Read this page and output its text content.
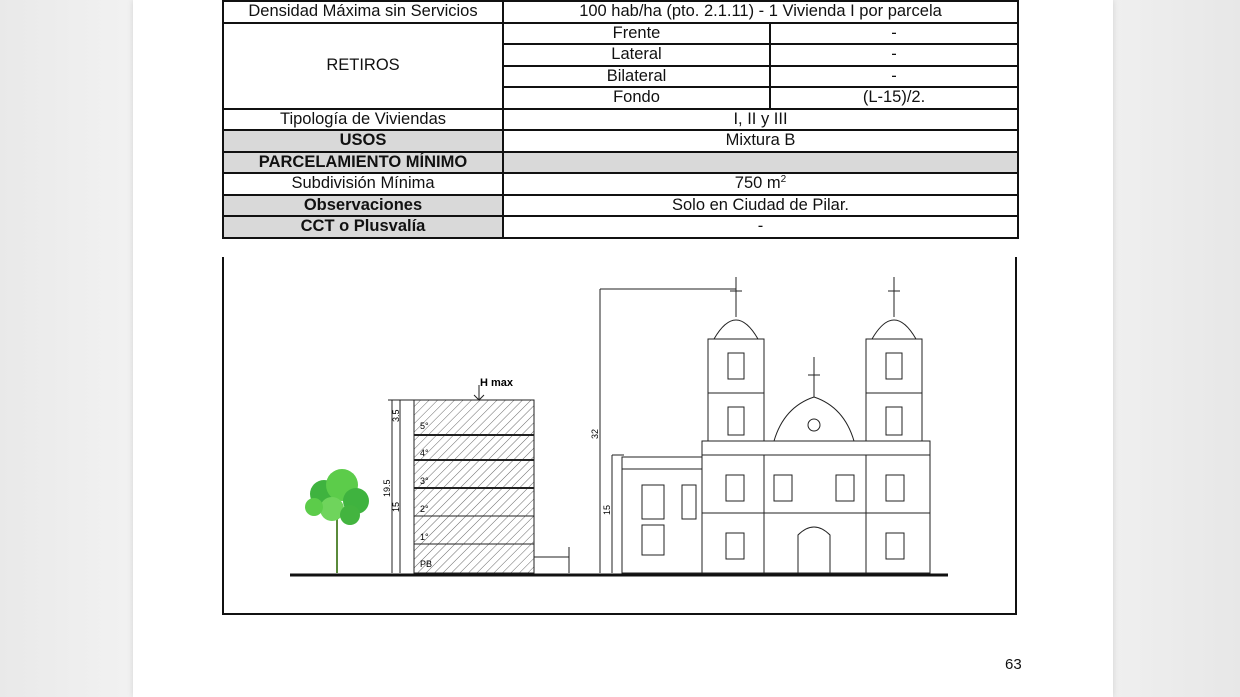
Densidad Máxima sin Servicios	100 hab/ha (pto. 2.1.11) - 1 Vivienda I por parcela	
RETIROS	Frente	-
	Lateral	-
	Bilateral	-
	Fondo	(L-15)/2.
Tipología de Viviendas	I, II y III	
USOS	Mixtura B	
PARCELAMIENTO MÍNIMO		
Subdivisión Mínima	750 $m^2$
Observaciones	Solo en Ciudad de Pilar.	
CCT o Plusvalía	-	
H max
5°
4°
3°
2°
1°
PB
3.5
19.5
15
32
15
63
